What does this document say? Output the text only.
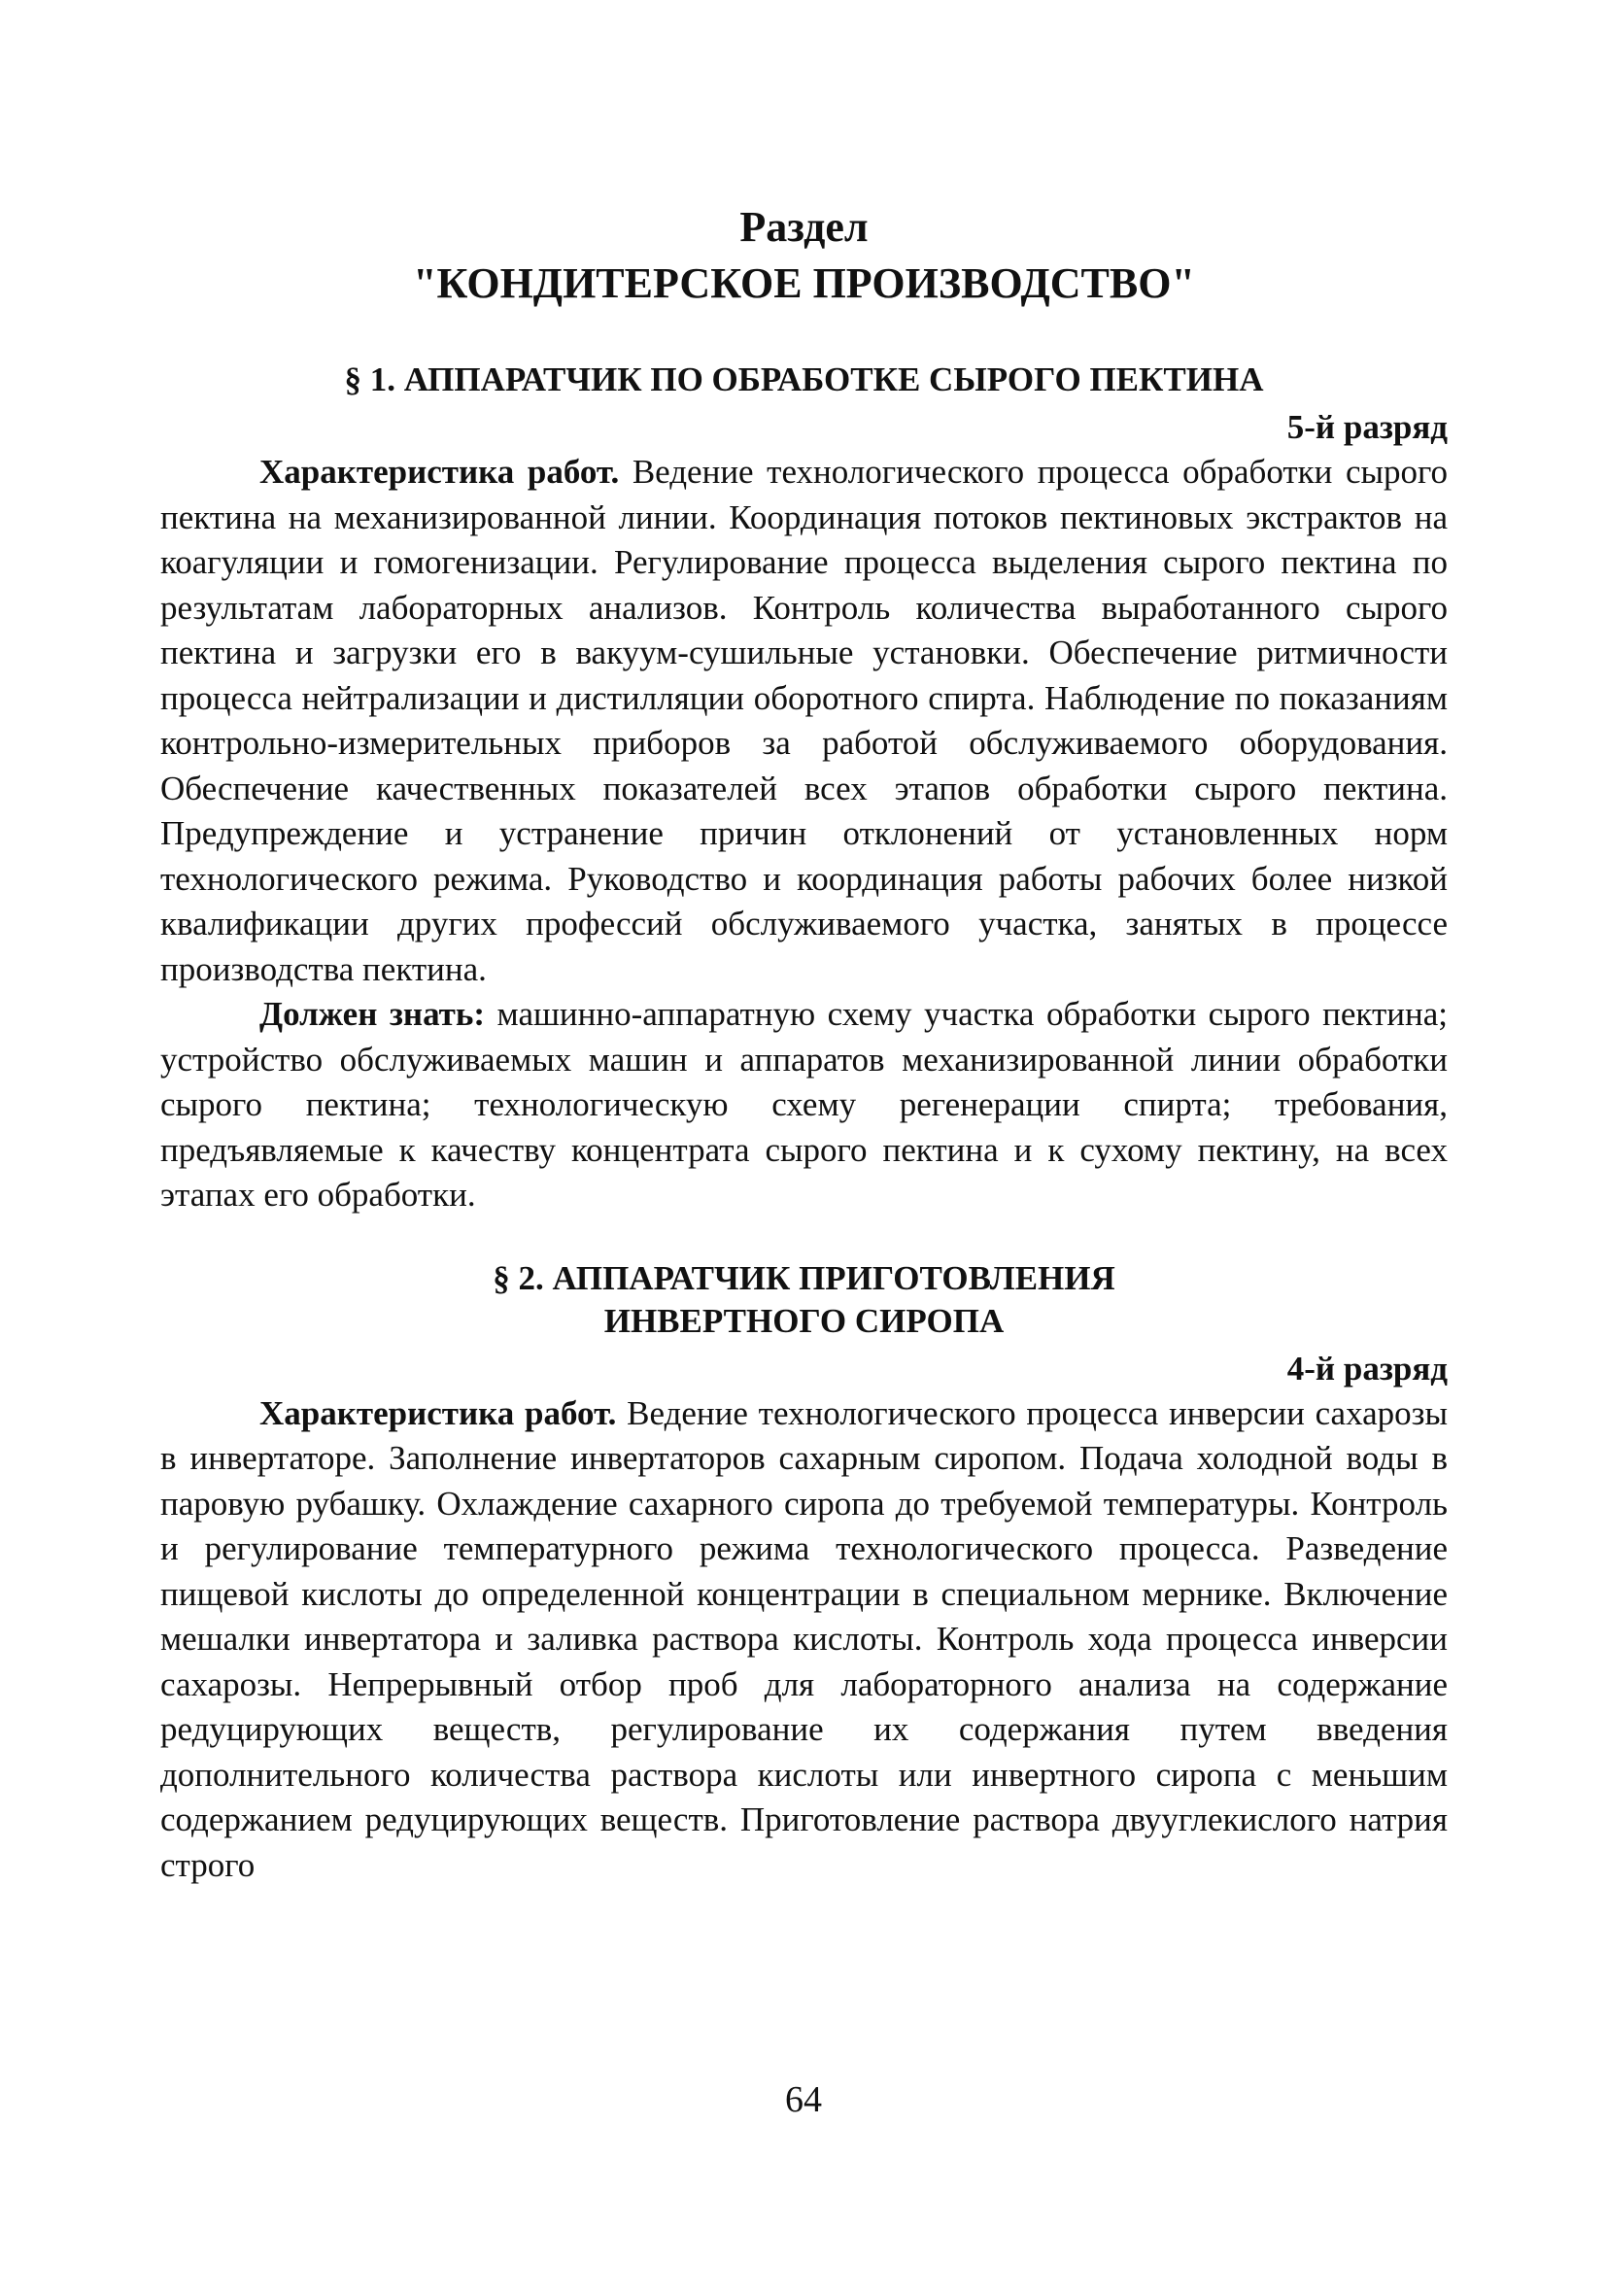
Раздел
"КОНДИТЕРСКОЕ ПРОИЗВОДСТВО"
§ 1. АППАРАТЧИК ПО ОБРАБОТКЕ СЫРОГО ПЕКТИНА
5-й разряд

Характеристика работ. Ведение технологического процесса обработки сырого пектина на механизированной линии. Координация потоков пектиновых экстрактов на коагуляции и гомогенизации. Регулирование процесса выделения сырого пектина по результатам лабораторных анализов. Контроль количества выработанного сырого пектина и загрузки его в вакуум-сушильные установки. Обеспечение ритмичности процесса нейтрализации и дистилляции оборотного спирта. Наблюдение по показаниям контрольно-измерительных приборов за работой обслуживаемого оборудования. Обеспечение качественных показателей всех этапов обработки сырого пектина. Предупреждение и устранение причин отклонений от установленных норм технологического режима. Руководство и координация работы рабочих более низкой квалификации других профессий обслуживаемого участка, занятых в процессе производства пектина.

Должен знать: машинно-аппаратную схему участка обработки сырого пектина; устройство обслуживаемых машин и аппаратов механизированной линии обработки сырого пектина; технологическую схему регенерации спирта; требования, предъявляемые к качеству концентрата сырого пектина и к сухому пектину, на всех этапах его обработки.

§ 2. АППАРАТЧИК ПРИГОТОВЛЕНИЯ
ИНВЕРТНОГО СИРОПА
4-й разряд

Характеристика работ. Ведение технологического процесса инверсии сахарозы в инвертаторе. Заполнение инвертаторов сахарным сиропом. Подача холодной воды в паровую рубашку. Охлаждение сахарного сиропа до требуемой температуры. Контроль и регулирование температурного режима технологического процесса. Разведение пищевой кислоты до определенной концентрации в специальном мернике. Включение мешалки инвертатора и заливка раствора кислоты. Контроль хода процесса инверсии сахарозы. Непрерывный отбор проб для лабораторного анализа на содержание редуцирующих веществ, регулирование их содержания путем введения дополнительного количества раствора кислоты или инвертного сиропа с меньшим содержанием редуцирующих веществ. Приготовление раствора двууглекислого натрия строго

64
